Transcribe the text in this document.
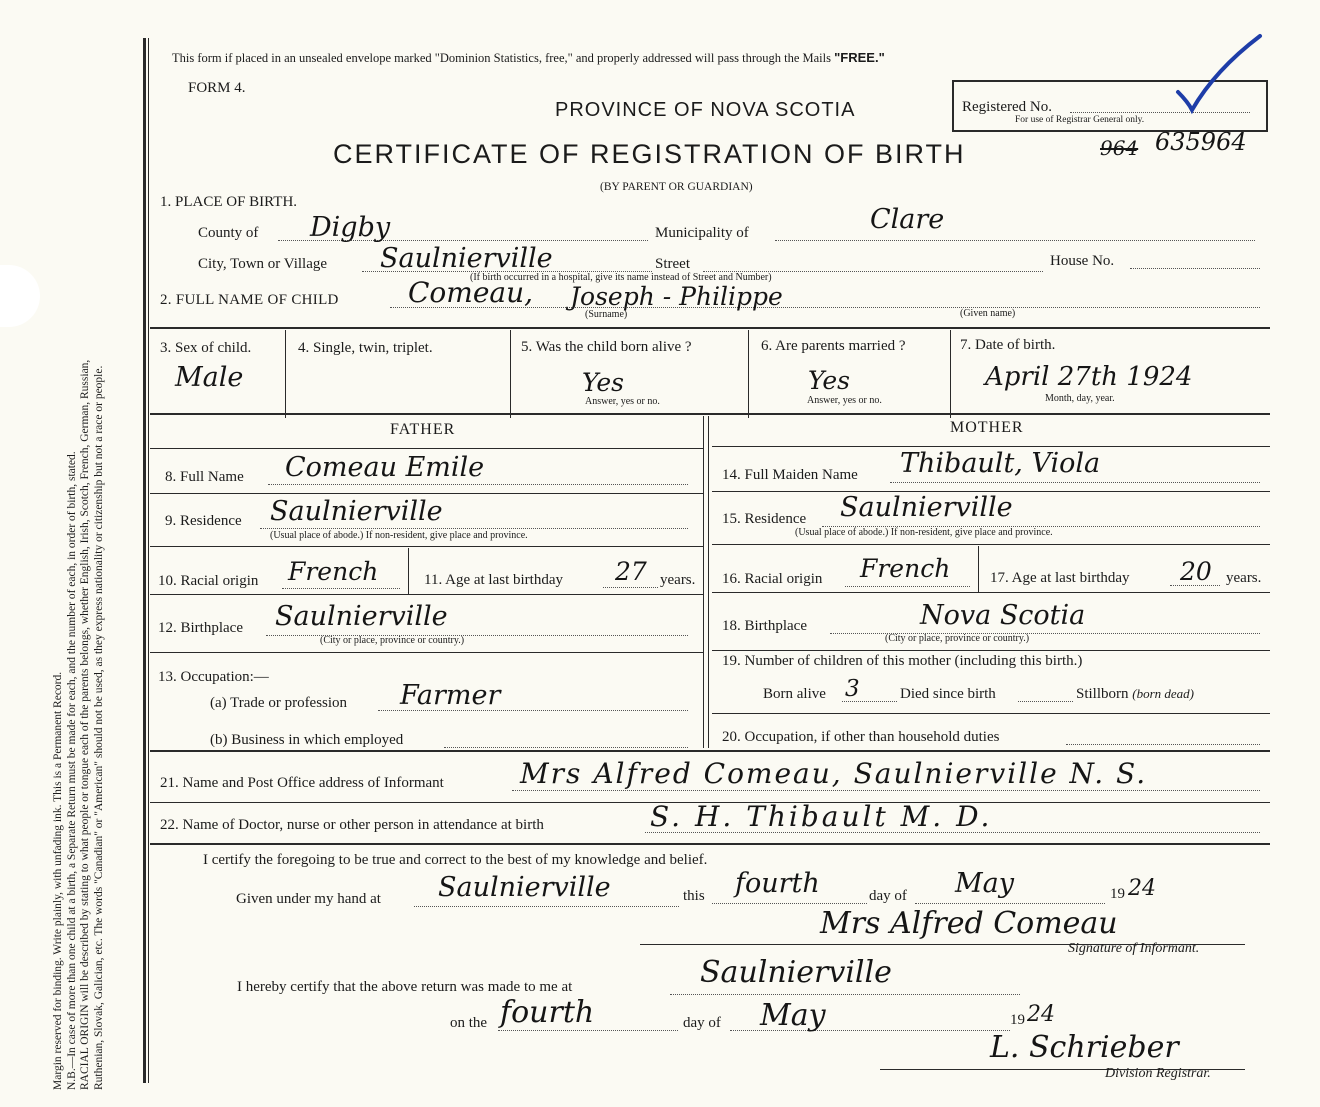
Margin reserved for binding. Write plainly, with unfading ink. This is a Permanent Record. N.B.—In case of more than one child at a birth, a Separate Return must be made for each, and the number of each, in order of birth, stated. RACIAL ORIGIN will be described by stating to what people or tongue each of the parents belongs, whether English, Irish, Scotch, French, German, Russian, Ruthenian, Slovak, Galician, etc. The words "Canadian" or "American" should not be used, as they express nationality or citizenship but not a race or people.
This form if placed in an unsealed envelope marked "Dominion Statistics, free," and properly addressed will pass through the Mails "FREE."
FORM 4.
PROVINCE OF NOVA SCOTIA
CERTIFICATE OF REGISTRATION OF BIRTH
(BY PARENT OR GUARDIAN)
Registered No.
For use of Registrar General only.
964 635964
1. PLACE OF BIRTH.
County of Digby	Municipality of	Clare
City, Town or Village Saulnierville	Street	House No.
(If birth occurred in a hospital, give its name instead of Street and Number)
2. FULL NAME OF CHILD Comeau, Joseph - Philippe
(Surname)	(Given name)
3. Sex of child.
Male
4. Single, twin, triplet.	5. Was the child born alive ?
Yes
Answer, yes or no.
6. Are parents married ?
Yes
Answer, yes or no.
7. Date of birth.
April 27th 1924
Month, day, year.
FATHER	MOTHER
8. Full Name Comeau Emile
9. Residence Saulnierville
(Usual place of abode.) If non-resident, give place and province.
10. Racial origin French	11. Age at last birthday 27 years.
12. Birthplace Saulnierville
(City or place, province or country.)
13. Occupation:—
(a) Trade or profession Farmer
(b) Business in which employed
14. Full Maiden Name Thibault, Viola
15. Residence Saulnierville
(Usual place of abode.) If non-resident, give place and province.
16. Racial origin French	17. Age at last birthday 20 years.
18. Birthplace	Nova Scotia
(City or place, province or country.)
19. Number of children of this mother (including this birth.)
Born alive 3	Died since birth	Stillborn (born dead)
20. Occupation, if other than household duties
21. Name and Post Office address of Informant	Mrs Alfred Comeau, Saulnierville N. S.
22. Name of Doctor, nurse or other person in attendance at birth	S. H. Thibault M. D.
I certify the foregoing to be true and correct to the best of my knowledge and belief.
Given under my hand at Saulnierville	this fourth	day of May	19 24
Mrs Alfred Comeau
Signature of Informant.
I hereby certify that the above return was made to me at	Saulnierville
on the fourth	day of May	19 24
L. Schrieber
Division Registrar.
